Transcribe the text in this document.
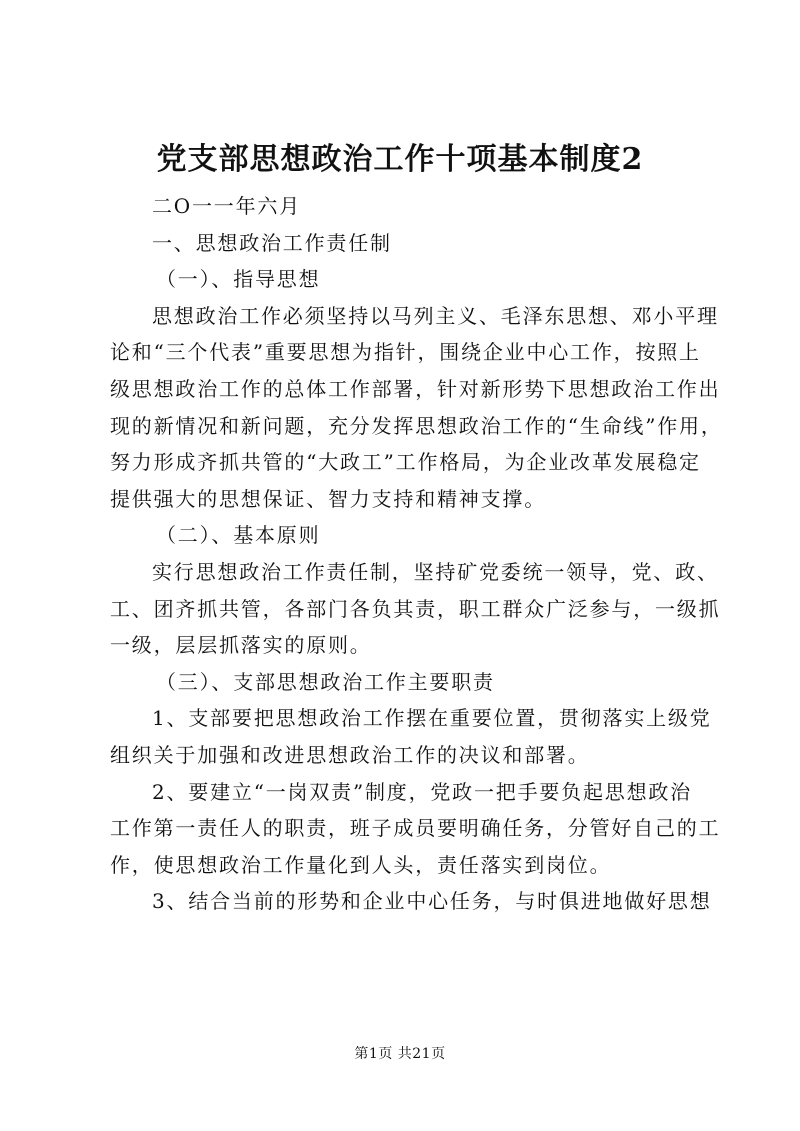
党支部思想政治工作十项基本制度2

二O一一年六月

一、思想政治工作责任制

（一）、指导思想

思想政治工作必须坚持以马列主义、毛泽东思想、邓小平理

论和“三个代表”重要思想为指针，围绕企业中心工作，按照上

级思想政治工作的总体工作部署，针对新形势下思想政治工作出

现的新情况和新问题，充分发挥思想政治工作的“生命线”作用，

努力形成齐抓共管的“大政工”工作格局，为企业改革发展稳定

提供强大的思想保证、智力支持和精神支撑。

（二）、基本原则

实行思想政治工作责任制，坚持矿党委统一领导，党、政、

工、团齐抓共管，各部门各负其责，职工群众广泛参与，一级抓

一级，层层抓落实的原则。

（三）、支部思想政治工作主要职责

1、支部要把思想政治工作摆在重要位置，贯彻落实上级党

组织关于加强和改进思想政治工作的决议和部署。

2、要建立“一岗双责”制度，党政一把手要负起思想政治

工作第一责任人的职责，班子成员要明确任务，分管好自己的工

作，使思想政治工作量化到人头，责任落实到岗位。

3、结合当前的形势和企业中心任务，与时俱进地做好思想

第1页 共21页
